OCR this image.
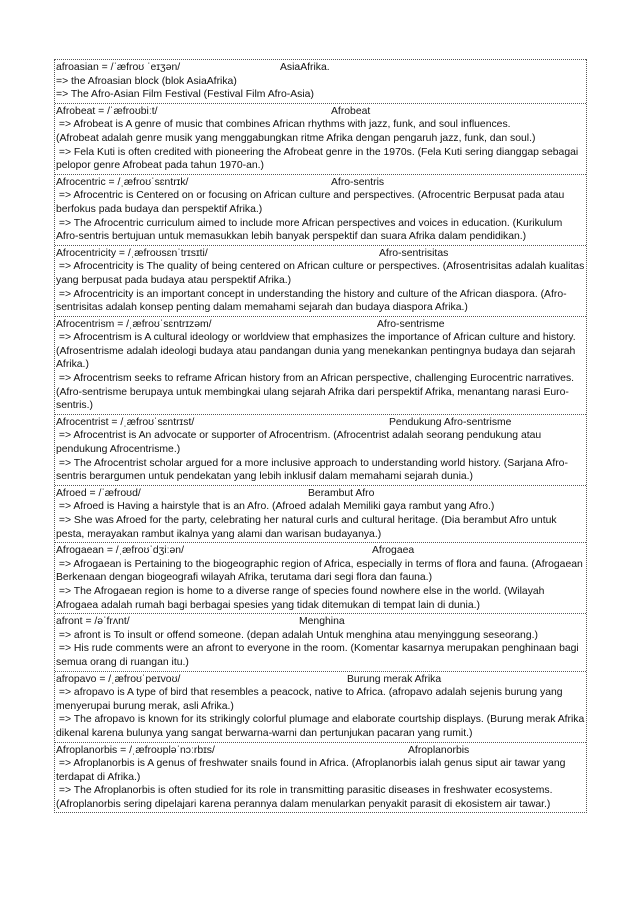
afroasian = /ˈæfroʊ ˈeɪʒən/	AsiaAfrika.
=> the Afroasian block (blok AsiaAfrika)
=> The Afro-Asian Film Festival (Festival Film Afro-Asia)
Afrobeat = /ˈæfroʊbiːt/	Afrobeat
=> Afrobeat is A genre of music that combines African rhythms with jazz, funk, and soul influences.
(Afrobeat adalah genre musik yang menggabungkan ritme Afrika dengan pengaruh jazz, funk, dan soul.)
=> Fela Kuti is often credited with pioneering the Afrobeat genre in the 1970s. (Fela Kuti sering dianggap sebagai pelopor genre Afrobeat pada tahun 1970-an.)
Afrocentric = /ˌæfroʊˈsɛntrɪk/	Afro-sentris
=> Afrocentric is Centered on or focusing on African culture and perspectives. (Afrocentric Berpusat pada atau berfokus pada budaya dan perspektif Afrika.)
=> The Afrocentric curriculum aimed to include more African perspectives and voices in education. (Kurikulum Afro-sentris bertujuan untuk memasukkan lebih banyak perspektif dan suara Afrika dalam pendidikan.)
Afrocentricity = /ˌæfroʊsɛnˈtrɪsɪti/	Afro-sentrisitas
=> Afrocentricity is The quality of being centered on African culture or perspectives. (Afrosentrisitas adalah kualitas yang berpusat pada budaya atau perspektif Afrika.)
=> Afrocentricity is an important concept in understanding the history and culture of the African diaspora. (Afro-sentrisitas adalah konsep penting dalam memahami sejarah dan budaya diaspora Afrika.)
Afrocentrism = /ˌæfroʊˈsɛntrɪzəm/	Afro-sentrisme
=> Afrocentrism is A cultural ideology or worldview that emphasizes the importance of African culture and history. (Afrosentrisme adalah ideologi budaya atau pandangan dunia yang menekankan pentingnya budaya dan sejarah Afrika.)
=> Afrocentrism seeks to reframe African history from an African perspective, challenging Eurocentric narratives. (Afro-sentrisme berupaya untuk membingkai ulang sejarah Afrika dari perspektif Afrika, menantang narasi Euro-sentris.)
Afrocentrist = /ˌæfroʊˈsɛntrɪst/	Pendukung Afro-sentrisme
=> Afrocentrist is An advocate or supporter of Afrocentrism. (Afrocentrist adalah seorang pendukung atau pendukung Afrocentrisme.)
=> The Afrocentrist scholar argued for a more inclusive approach to understanding world history. (Sarjana Afro-sentris berargumen untuk pendekatan yang lebih inklusif dalam memahami sejarah dunia.)
Afroed = /ˈæfroʊd/	Berambut Afro
=> Afroed is Having a hairstyle that is an Afro. (Afroed adalah Memiliki gaya rambut yang Afro.)
=> She was Afroed for the party, celebrating her natural curls and cultural heritage. (Dia berambut Afro untuk pesta, merayakan rambut ikalnya yang alami dan warisan budayanya.)
Afrogaean = /ˌæfroʊˈdʒiːən/	Afrogaea
=> Afrogaean is Pertaining to the biogeographic region of Africa, especially in terms of flora and fauna. (Afrogaean Berkenaan dengan biogeografi wilayah Afrika, terutama dari segi flora dan fauna.)
=> The Afrogaean region is home to a diverse range of species found nowhere else in the world. (Wilayah Afrogaea adalah rumah bagi berbagai spesies yang tidak ditemukan di tempat lain di dunia.)
afront = /əˈfrʌnt/	Menghina
=> afront is To insult or offend someone. (depan adalah Untuk menghina atau menyinggung seseorang.)
=> His rude comments were an afront to everyone in the room. (Komentar kasarnya merupakan penghinaan bagi semua orang di ruangan itu.)
afropavo = /ˌæfroʊˈpeɪvoʊ/	Burung merak Afrika
=> afropavo is A type of bird that resembles a peacock, native to Africa. (afropavo adalah sejenis burung yang menyerupai burung merak, asli Afrika.)
=> The afropavo is known for its strikingly colorful plumage and elaborate courtship displays. (Burung merak Afrika dikenal karena bulunya yang sangat berwarna-warni dan pertunjukan pacaran yang rumit.)
Afroplanorbis = /ˌæfroʊpləˈnɔːrbɪs/	Afroplanorbis
=> Afroplanorbis is A genus of freshwater snails found in Africa. (Afroplanorbis ialah genus siput air tawar yang terdapat di Afrika.)
=> The Afroplanorbis is often studied for its role in transmitting parasitic diseases in freshwater ecosystems. (Afroplanorbis sering dipelajari karena perannya dalam menularkan penyakit parasit di ekosistem air tawar.)
